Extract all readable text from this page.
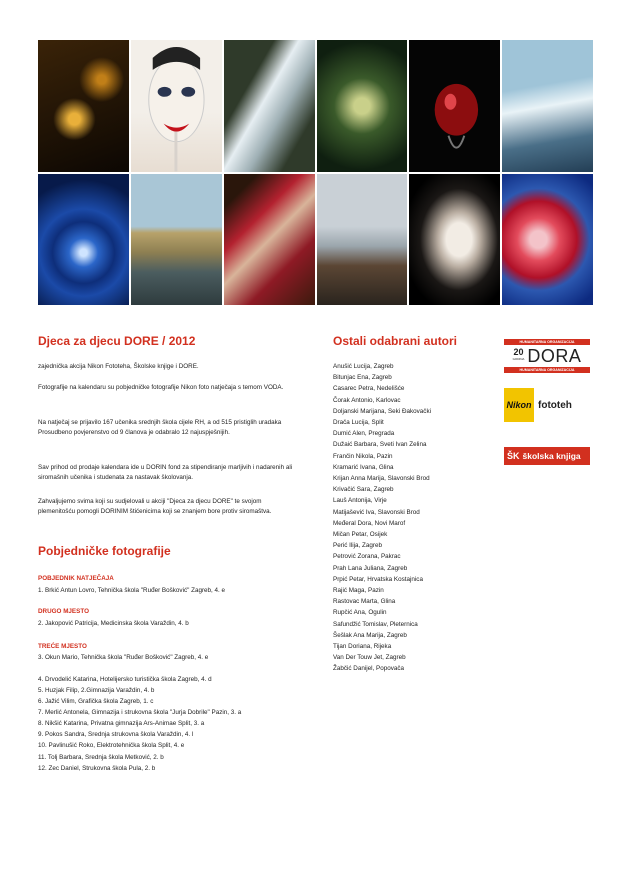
Djeca za djecu DORE / 2012

zajednička akcija Nikon Fototeha, Školske knjige i DORE.

Fotografije na kalendaru su pobjedničke fotografije Nikon foto natječaja s temom VODA.

Na natječaj se prijavilo 167 učenika srednjih škola cijele RH, a od 515 pristiglih uradaka Prosudbeno povjerenstvo od 9 članova je odabralo 12 najuspješnijih.

Sav prihod od prodaje kalendara ide u DORIN fond za stipendiranje marljivih i nadarenih ali siromašnih učenika i studenata za nastavak školovanja.

Zahvaljujemo svima koji su sudjelovali u akciji "Djeca za djecu DORE" te svojom plemenitošću pomogli DORINIM štićenicima koji se znanjem bore protiv siromaštva.

Pobjedničke fotografije
POBJEDNIK NATJEČAJA
1. Brkić Antun Lovro, Tehnička škola "Ruđer Bošković" Zagreb, 4. e
DRUGO MJESTO
2. Jakopović Patricija, Medicinska škola Varaždin, 4. b
TREĆE MJESTO
3. Okun Mario, Tehnička škola "Ruđer Bošković" Zagreb, 4. e
4. Drvodelić Katarina, Hotelijersko turistička škola Zagreb, 4. d
5. Huzjak Filip, 2.Gimnazija Varaždin, 4. b
6. Jažić Vilim, Grafička škola Zagreb, 1. c
7. Merlić Antonela, Gimnazija i strukovna škola "Jurja Dobrile" Pazin, 3. a
8. Nikšić Katarina, Privatna gimnazija Ars-Animae Split, 3. a
9. Pokos Sandra, Srednja strukovna škola Varaždin, 4. l
10. Pavlinušić Roko, Elektrotehnička škola Split, 4. e
11. Tolj Barbara, Srednja škola Metković, 2. b
12. Zec Daniel, Strukovna škola Pula, 2. b
Ostali odabrani autori
Anušić Lucija, Zagreb
Bitunjac Ena, Zagreb
Casarec Petra, Nedelišće
Čorak Antonio, Karlovac
Doljanski Marijana, Seki Đakovački
Drača Lucija, Split
Dumić Alen, Pregrada
Dužaić Barbara, Sveti Ivan Zelina
Frančin Nikola, Pazin
Kramarić Ivana, Glina
Krijan Anna Marija, Slavonski Brod
Krivačić Sara, Zagreb
Lauš Antonija, Virje
Matijašević Iva, Slavonski Brod
Međeral Dora, Novi Marof
Mičan Petar, Osijek
Perić Ilija, Zagreb
Petrović Zorana, Pakrac
Prah Lana Juliana, Zagreb
Prpić Petar, Hrvatska Kostajnica
Rajić Maga, Pazin
Rastovac Marta, Glina
Rupčić Ana, Ogulin
Safundžić Tomislav, Pleternica
Šešlak Ana Marija, Zagreb
Tijan Doriana, Rijeka
Van Der Touw Jet, Zagreb
Žabčić Danijel, Popovača
HUMANITARNA ORGANIZACIJA
20
GODINA DORA
HUMANITARNA ORGANIZACIJA
Nikon fototeh
ŠK školska knjiga
